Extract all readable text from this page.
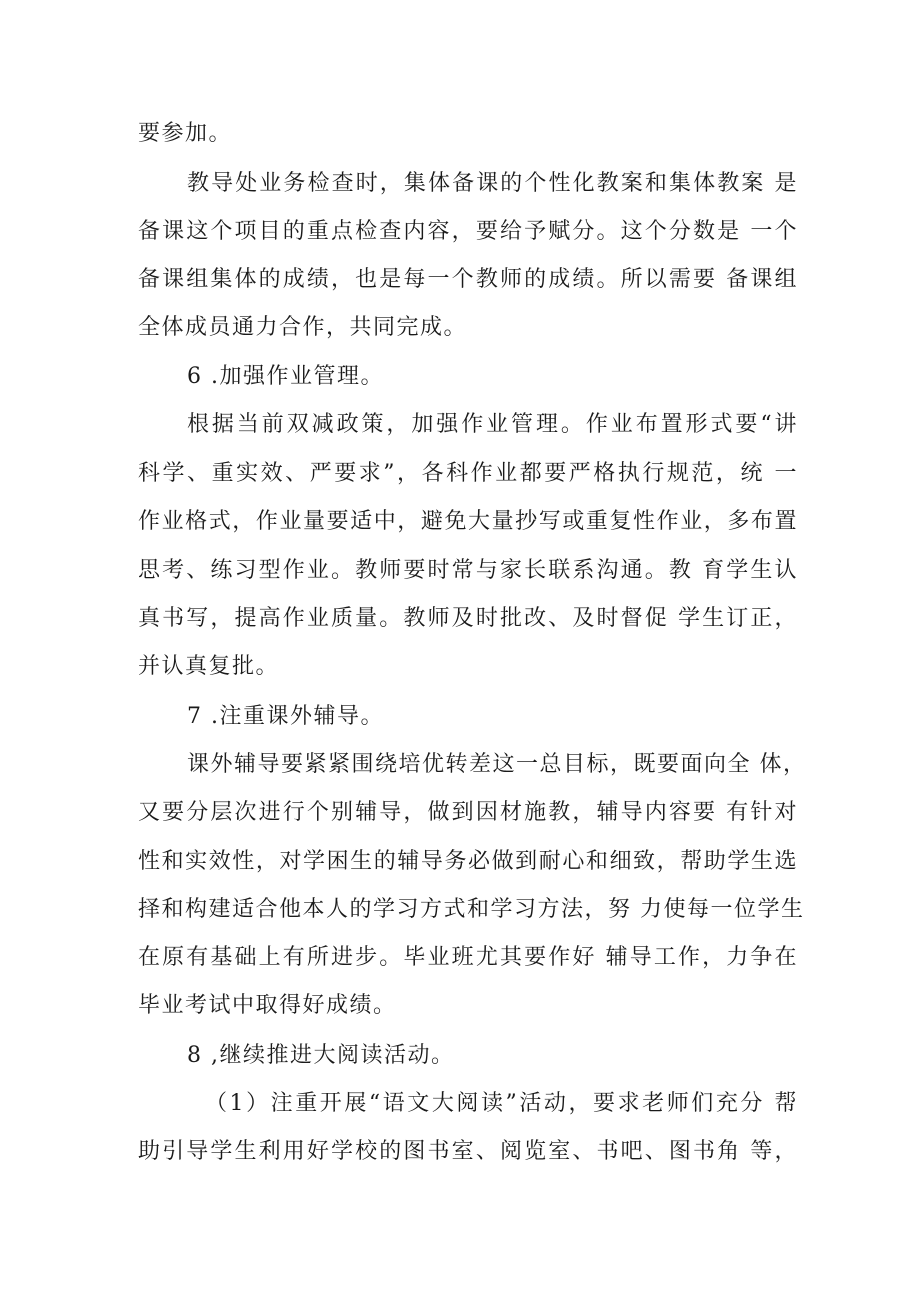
要参加。
教导处业务检查时，集体备课的个性化教案和集体教案 是
备课这个项目的重点检查内容，要给予赋分。这个分数是 一个
备课组集体的成绩，也是每一个教师的成绩。所以需要 备课组
全体成员通力合作，共同完成。
6 .加强作业管理。
根据当前双减政策，加强作业管理。作业布置形式要“讲
科学、重实效、严要求”，各科作业都要严格执行规范，统 一
作业格式，作业量要适中，避免大量抄写或重复性作业，多布置
思考、练习型作业。教师要时常与家长联系沟通。教 育学生认
真书写，提高作业质量。教师及时批改、及时督促 学生订正，
并认真复批。
7 .注重课外辅导。
课外辅导要紧紧围绕培优转差这一总目标，既要面向全 体，
又要分层次进行个别辅导，做到因材施教，辅导内容要 有针对
性和实效性，对学困生的辅导务必做到耐心和细致，帮助学生选
择和构建适合他本人的学习方式和学习方法，努 力使每一位学生
在原有基础上有所进步。毕业班尤其要作好 辅导工作，力争在
毕业考试中取得好成绩。
8 ,继续推进大阅读活动。
（1）注重开展“语文大阅读”活动，要求老师们充分 帮
助引导学生利用好学校的图书室、阅览室、书吧、图书角 等，
